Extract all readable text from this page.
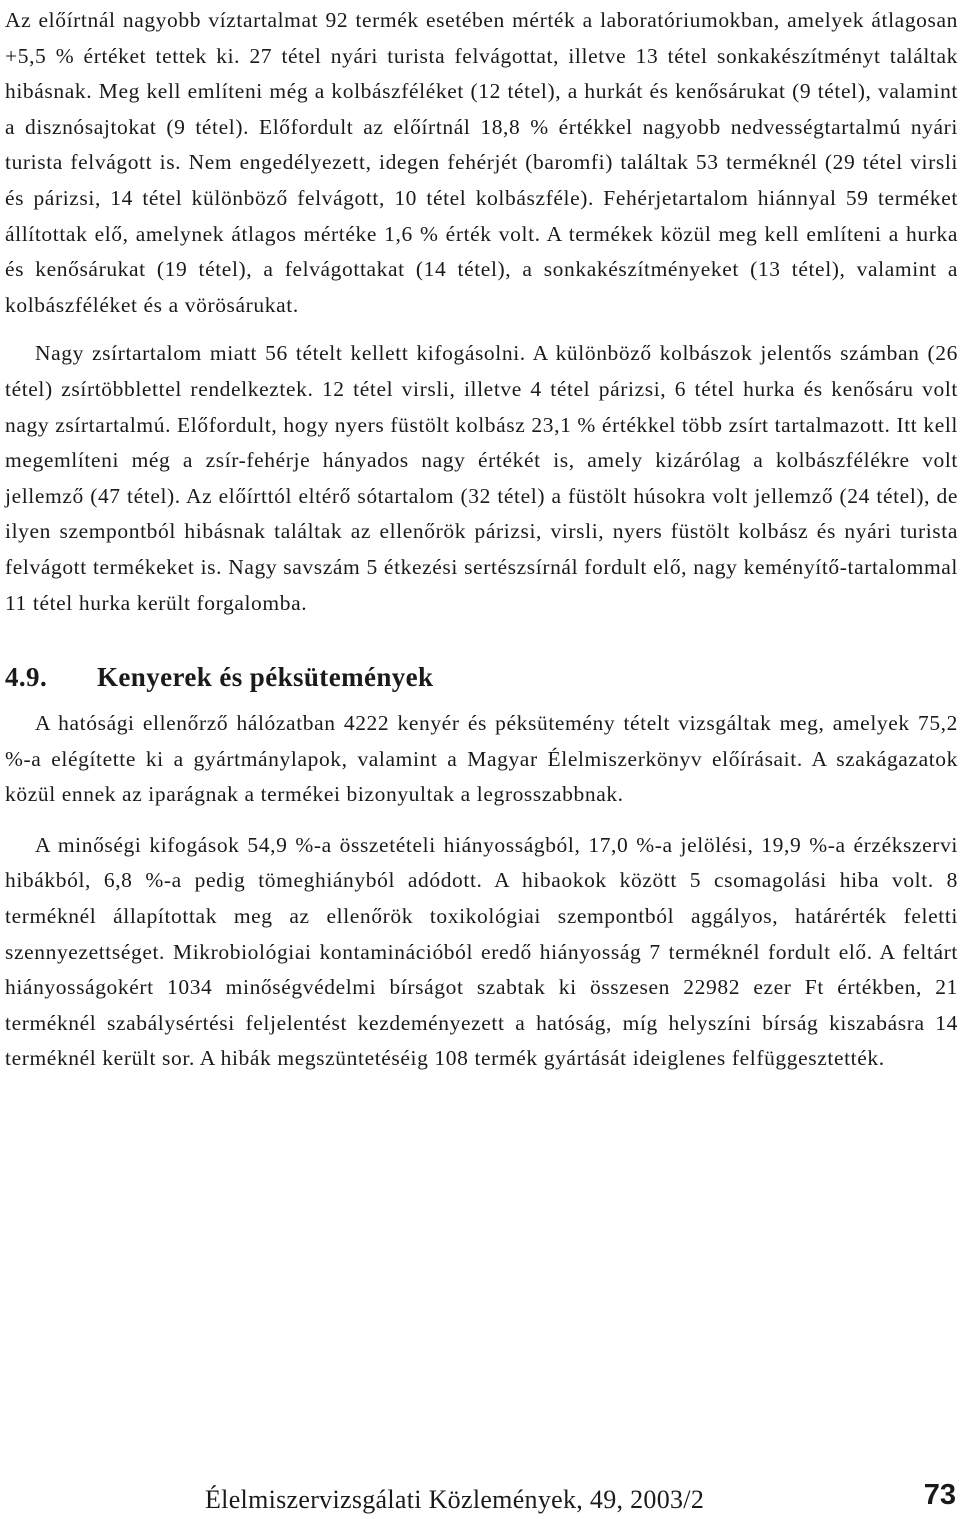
Az előírtnál nagyobb víztartalmat 92 termék esetében mérték a laboratóriumokban, amelyek átlagosan +5,5 % értéket tettek ki. 27 tétel nyári turista felvágottat, illetve 13 tétel sonkakészítményt találtak hibásnak. Meg kell említeni még a kolbászféléket (12 tétel), a hurkát és kenősárukat (9 tétel), valamint a disznósajtokat (9 tétel). Előfordult az előírtnál 18,8 % értékkel nagyobb nedvességtartalmú nyári turista felvágott is. Nem engedélyezett, idegen fehérjét (baromfi) találtak 53 terméknél (29 tétel virsli és párizsi, 14 tétel különböző felvágott, 10 tétel kolbászféle). Fehérjetartalom hiánnyal 59 terméket állítottak elő, amelynek átlagos mértéke 1,6 % érték volt. A termékek közül meg kell említeni a hurka és kenősárukat (19 tétel), a felvágottakat (14 tétel), a sonkakészítményeket (13 tétel), valamint a kolbászféléket és a vörösárukat.

Nagy zsírtartalom miatt 56 tételt kellett kifogásolni. A különböző kolbászok jelentős számban (26 tétel) zsírtöbblettel rendelkeztek. 12 tétel virsli, illetve 4 tétel párizsi, 6 tétel hurka és kenősáru volt nagy zsírtartalmú. Előfordult, hogy nyers füstölt kolbász 23,1 % értékkel több zsírt tartalmazott. Itt kell megemlíteni még a zsír-fehérje hányados nagy értékét is, amely kizárólag a kolbászfélékre volt jellemző (47 tétel). Az előírttól eltérő sótartalom (32 tétel) a füstölt húsokra volt jellemző (24 tétel), de ilyen szempontból hibásnak találtak az ellenőrök párizsi, virsli, nyers füstölt kolbász és nyári turista felvágott termékeket is. Nagy savszám 5 étkezési sertészsírnál fordult elő, nagy keményítő-tartalommal 11 tétel hurka került forgalomba.

4.9. Kenyerek és péksütemények

A hatósági ellenőrző hálózatban 4222 kenyér és péksütemény tételt vizsgáltak meg, amelyek 75,2 %-a elégítette ki a gyártmánylapok, valamint a Magyar Élelmiszerkönyv előírásait. A szakágazatok közül ennek az iparágnak a termékei bizonyultak a legrosszabbnak.

A minőségi kifogások 54,9 %-a összetételi hiányosságból, 17,0 %-a jelölési, 19,9 %-a érzékszervi hibákból, 6,8 %-a pedig tömeghiányból adódott. A hibaokok között 5 csomagolási hiba volt. 8 terméknél állapítottak meg az ellenőrök toxikológiai szempontból aggályos, határérték feletti szennyezettséget. Mikrobiológiai kontaminációból eredő hiányosság 7 terméknél fordult elő. A feltárt hiányosságokért 1034 minőségvédelmi bírságot szabtak ki összesen 22982 ezer Ft értékben, 21 terméknél szabálysértési feljelentést kezdeményezett a hatóság, míg helyszíni bírság kiszabásra 14 terméknél került sor. A hibák megszüntetéséig 108 termék gyártását ideiglenes felfüggesztették.

Élelmiszervizsgálati Közlemények, 49, 2003/2	73
